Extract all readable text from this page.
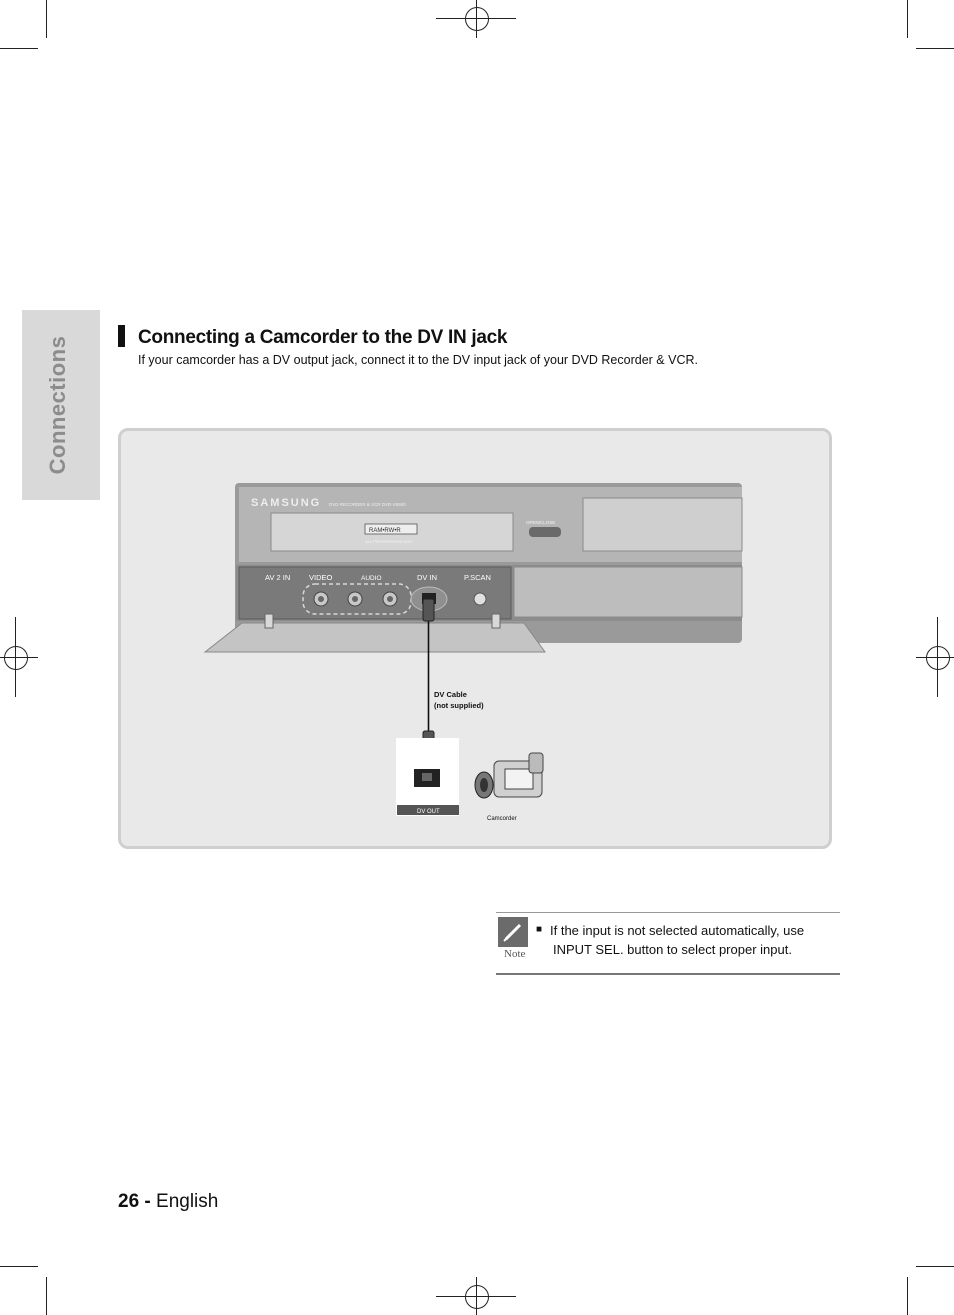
Connections	Connecting a Camcorder to the DV IN jack
If your camcorder has a DV output jack, connect it to the DV input jack of your DVD Recorder & VCR.
SAMSUNG DVD RECORDER & VCR DVD-V6500
RAM•RW•R
ALL PROGRESSIVE DISC
OPEN/CLOSE
AV 2 IN VIDEO	AUDIO	DV IN	P.SCAN
DV Cable
(not supplied)
DV OUT
Camcorder
Note
■ If the input is not selected automatically, use
INPUT SEL. button to select proper input.
26 - English
